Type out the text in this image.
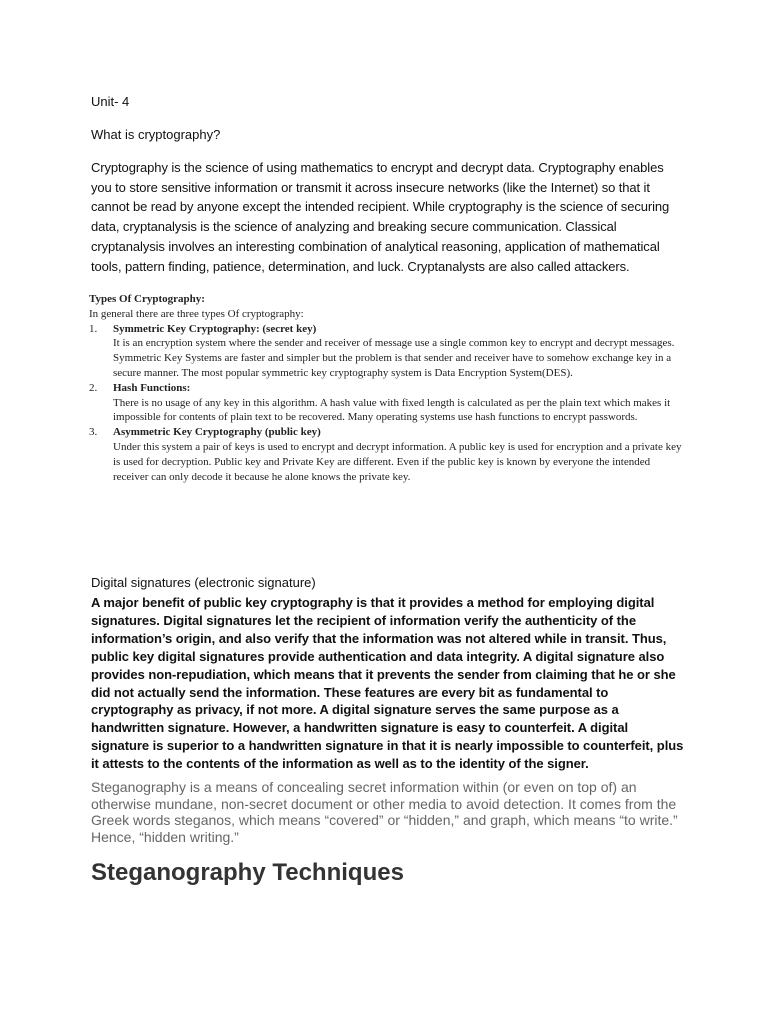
Unit- 4
What is cryptography?
Cryptography is the science of using mathematics to encrypt and decrypt data. Cryptography enables you to store sensitive information or transmit it across insecure networks (like the Internet) so that it cannot be read by anyone except the intended recipient. While cryptography is the science of securing data, cryptanalysis is the science of analyzing and breaking secure communication. Classical cryptanalysis involves an interesting combination of analytical reasoning, application of mathematical tools, pattern finding, patience, determination, and luck. Cryptanalysts are also called attackers.
Types Of Cryptography:
In general there are three types Of cryptography:
1.	Symmetric Key Cryptography: (secret key)
It is an encryption system where the sender and receiver of message use a single common key to encrypt and decrypt messages. Symmetric Key Systems are faster and simpler but the problem is that sender and receiver have to somehow exchange key in a secure manner. The most popular symmetric key cryptography system is Data Encryption System(DES).
2.	Hash Functions:
There is no usage of any key in this algorithm. A hash value with fixed length is calculated as per the plain text which makes it impossible for contents of plain text to be recovered. Many operating systems use hash functions to encrypt passwords.
3.	Asymmetric Key Cryptography (public key)
Under this system a pair of keys is used to encrypt and decrypt information. A public key is used for encryption and a private key is used for decryption. Public key and Private Key are different. Even if the public key is known by everyone the intended receiver can only decode it because he alone knows the private key.
Digital signatures (electronic signature)
A major benefit of public key cryptography is that it provides a method for employing digital signatures. Digital signatures let the recipient of information verify the authenticity of the information’s origin, and also verify that the information was not altered while in transit. Thus, public key digital signatures provide authentication and data integrity. A digital signature also provides non-repudiation, which means that it prevents the sender from claiming that he or she did not actually send the information. These features are every bit as fundamental to cryptography as privacy, if not more. A digital signature serves the same purpose as a handwritten signature. However, a handwritten signature is easy to counterfeit. A digital signature is superior to a handwritten signature in that it is nearly impossible to counterfeit, plus it attests to the contents of the information as well as to the identity of the signer.
Steganography is a means of concealing secret information within (or even on top of) an otherwise mundane, non-secret document or other media to avoid detection. It comes from the Greek words steganos, which means “covered” or “hidden,” and graph, which means “to write.” Hence, “hidden writing.”
Steganography Techniques
